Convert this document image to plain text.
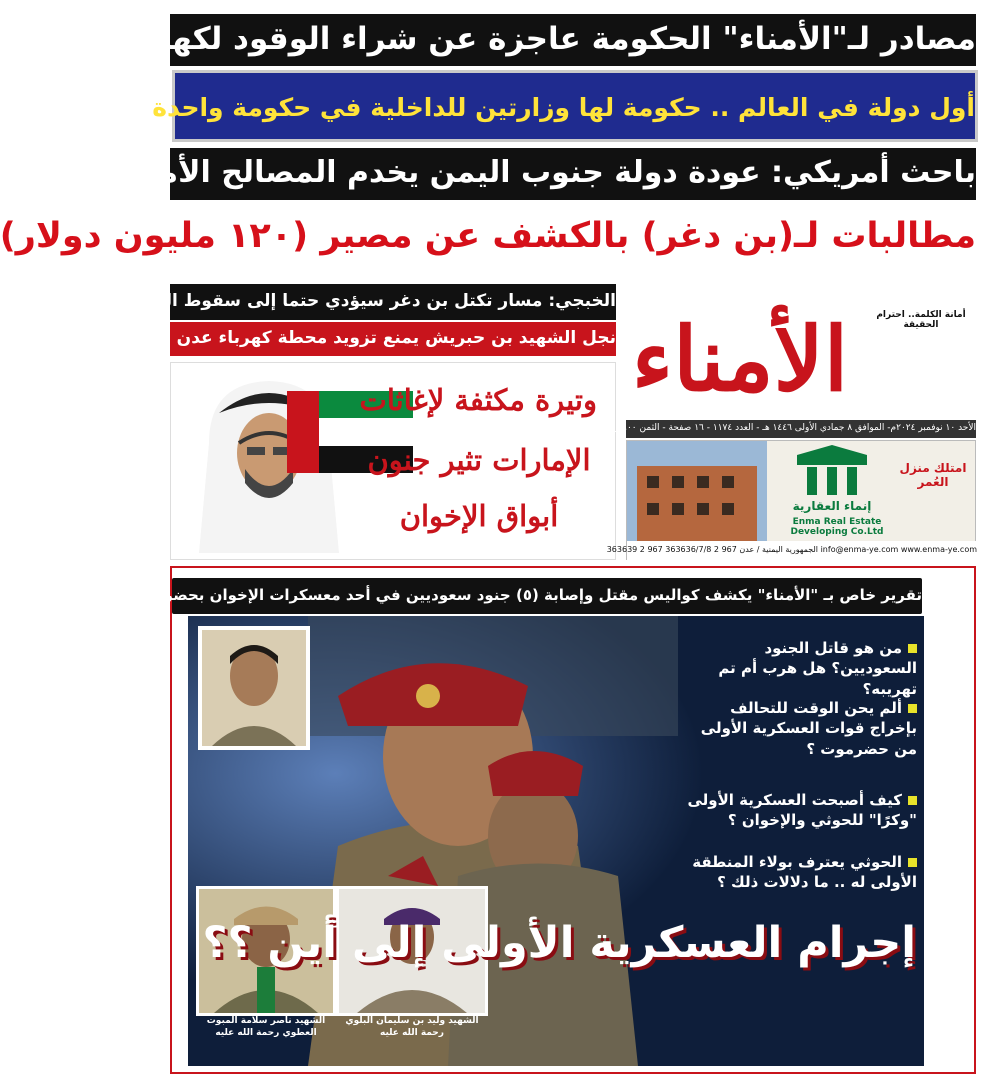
مصادر لـ"الأمناء" الحكومة عاجزة عن شراء الوقود لكهرباء عدن
أول دولة في العالم .. حكومة لها وزارتين للداخلية في حكومة واحدة
باحث أمريكي: عودة دولة جنوب اليمن يخدم المصالح الأمريكية
مطالبات لـ(بن دغر) بالكشف عن مصير (١٢٠ مليون دولار)
الخبجي: مسار تكتل بن دغر سيؤدي حتما إلى سقوط الحكومة والرئاسي
نجل الشهيد بن حبريش يمنع تزويد محطة كهرباء عدن بالوقود الخام
وتيرة مكثفة لإغاثات
الإمارات تثير جنون
أبواق الإخوان
الأمناء	أمانة الكلمة.. احترام الحقيقة
الأحد ١٠ نوفمبر ٢٠٢٤م- الموافق ٨ جمادي الأولى ١٤٤٦ هـ - العدد ١١٧٤ - ١٦ صفحة - الثمن ٤٠٠ ريال
إنماء العقارية
امتلك منزل العُمر
Enma Real Estate Developing Co.Ltd
info@enma-ye.com www.enma-ye.com الجمهورية اليمنية / عدن 967 2 363636/7/8 967 2 363639
تقرير خاص بـ "الأمناء" يكشف كواليس مقتل وإصابة (٥) جنود سعوديين في أحد معسكرات الإخوان بحضرموت ..
من هو قاتل الجنود السعوديين؟ هل هرب أم تم تهريبه؟
ألم يحن الوقت للتحالف بإخراج قوات العسكرية الأولى من حضرموت ؟
كيف أصبحت العسكرية الأولى "وكرًا" للحوثي والإخوان ؟
الحوثي يعترف بولاء المنطقة الأولى له .. ما دلالات ذلك ؟
الشهيد ناصر سلامة المبوت العطوي رحمة الله عليه
الشهيد وليد بن سليمان البلوي رحمة الله عليه
إجرام العسكرية الأولى إلى أين ؟؟
